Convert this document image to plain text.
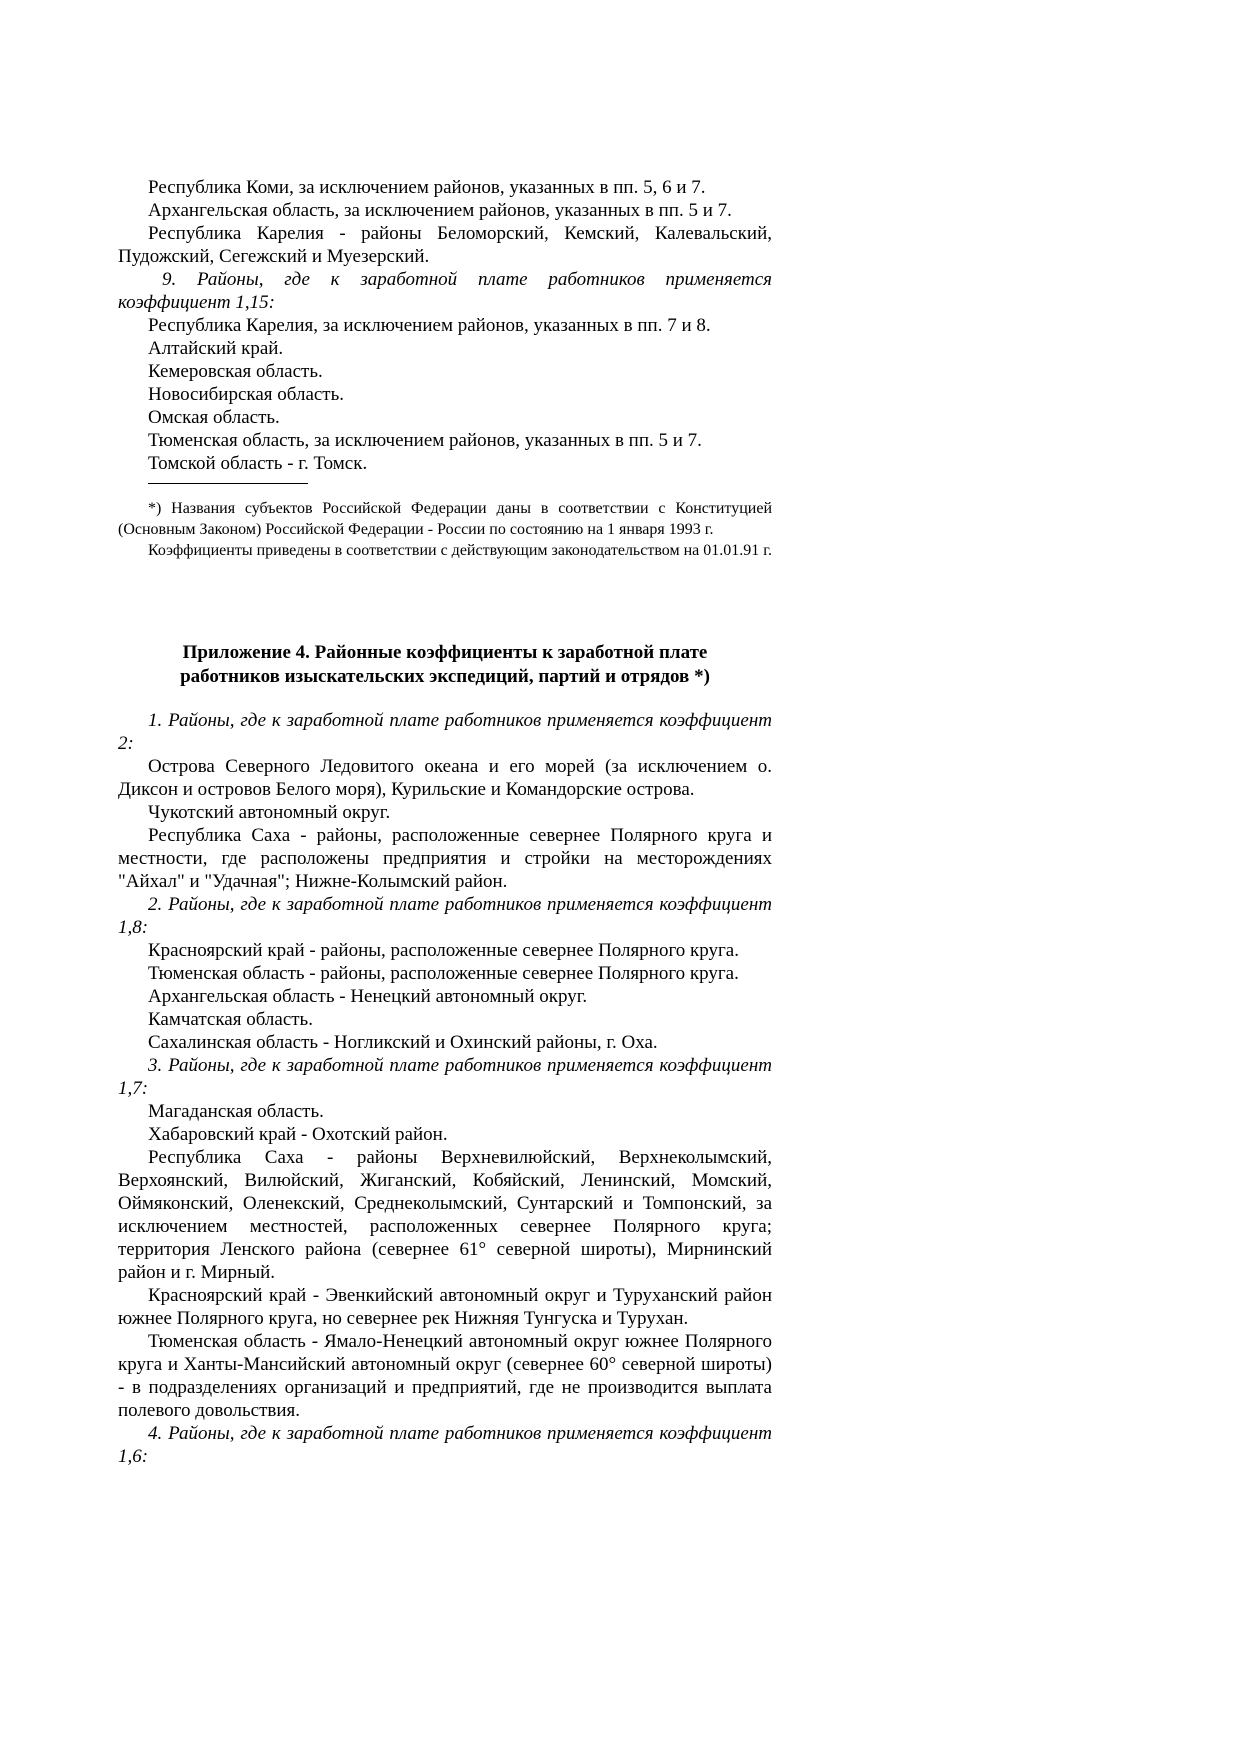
Республика Коми, за исключением районов, указанных в пп. 5, 6 и 7.

Архангельская область, за исключением районов, указанных в пп. 5 и 7.

Республика Карелия - районы Беломорский, Кемский, Калевальский, Пудожский, Сегежский и Муезерский.

9. Районы, где к заработной плате работников применяется коэффициент 1,15:

Республика Карелия, за исключением районов, указанных в пп. 7 и 8.

Алтайский край.

Кемеровская область.

Новосибирская область.

Омская область.

Тюменская область, за исключением районов, указанных в пп. 5 и 7.

Томской область - г. Томск.

*) Названия субъектов Российской Федерации даны в соответствии с Конституцией (Основным Законом) Российской Федерации - России по состоянию на 1 января 1993 г.

Коэффициенты приведены в соответствии с действующим законодательством на 01.01.91 г.

Приложение 4. Районные коэффициенты к заработной плате
работников изыскательских экспедиций, партий и отрядов *)

1. Районы, где к заработной плате работников применяется коэффициент 2:

Острова Северного Ледовитого океана и его морей (за исключением о. Диксон и островов Белого моря), Курильские и Командорские острова.

Чукотский автономный округ.

Республика Саха - районы, расположенные севернее Полярного круга и местности, где расположены предприятия и стройки на месторождениях "Айхал" и "Удачная"; Нижне-Колымский район.

2. Районы, где к заработной плате работников применяется коэффициент 1,8:

Красноярский край - районы, расположенные севернее Полярного круга.

Тюменская область - районы, расположенные севернее Полярного круга.

Архангельская область - Ненецкий автономный округ.

Камчатская область.

Сахалинская область - Ногликский и Охинский районы, г. Оха.

3. Районы, где к заработной плате работников применяется коэффициент 1,7:

Магаданская область.

Хабаровский край - Охотский район.

Республика Саха - районы Верхневилюйский, Верхнеколымский, Верхоянский, Вилюйский, Жиганский, Кобяйский, Ленинский, Момский, Оймяконский, Оленекский, Среднеколымский, Сунтарский и Томпонский, за исключением местностей, расположенных севернее Полярного круга; территория Ленского района (севернее 61° северной широты), Мирнинский район и г. Мирный.

Красноярский край - Эвенкийский автономный округ и Туруханский район южнее Полярного круга, но севернее рек Нижняя Тунгуска и Турухан.

Тюменская область - Ямало-Ненецкий автономный округ южнее Полярного круга и Ханты-Мансийский автономный округ (севернее 60° северной широты) - в подразделениях организаций и предприятий, где не производится выплата полевого довольствия.

4. Районы, где к заработной плате работников применяется коэффициент 1,6:
